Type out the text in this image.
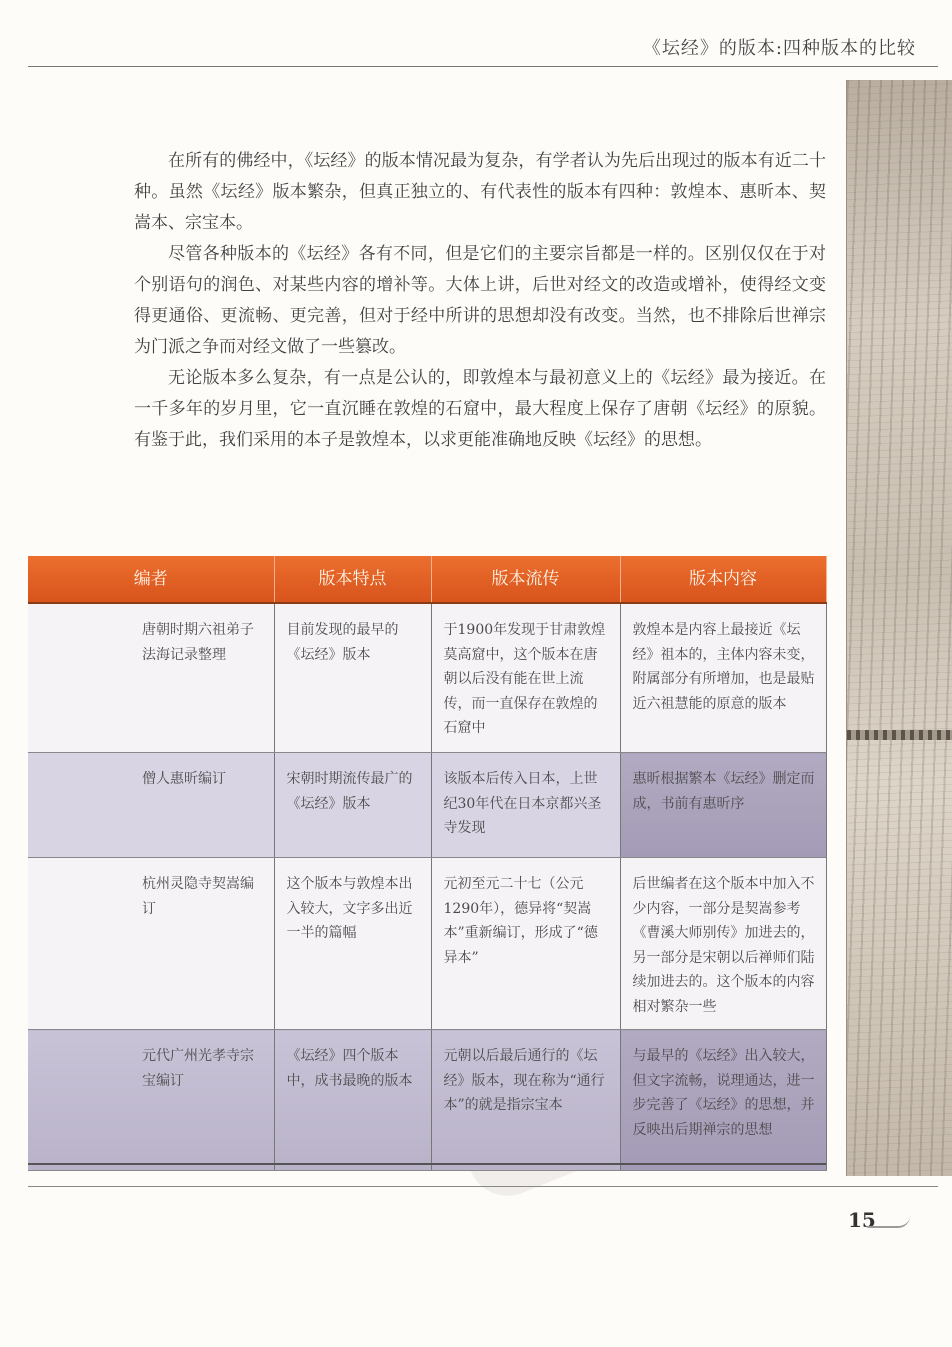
《坛经》的版本:四种版本的比较

在所有的佛经中，《坛经》的版本情况最为复杂，有学者认为先后出现过的版本有近二十种。虽然《坛经》版本繁杂，但真正独立的、有代表性的版本有四种：敦煌本、惠昕本、契嵩本、宗宝本。

尽管各种版本的《坛经》各有不同，但是它们的主要宗旨都是一样的。区别仅仅在于对个别语句的润色、对某些内容的增补等。大体上讲，后世对经文的改造或增补，使得经文变得更通俗、更流畅、更完善，但对于经中所讲的思想却没有改变。当然，也不排除后世禅宗为门派之争而对经文做了一些篡改。

无论版本多么复杂，有一点是公认的，即敦煌本与最初意义上的《坛经》最为接近。在一千多年的岁月里，它一直沉睡在敦煌的石窟中，最大程度上保存了唐朝《坛经》的原貌。有鉴于此，我们采用的本子是敦煌本，以求更能准确地反映《坛经》的思想。

编者	版本特点	版本流传	版本内容
唐朝时期六祖弟子法海记录整理	目前发现的最早的《坛经》版本	于1900年发现于甘肃敦煌莫高窟中，这个版本在唐朝以后没有能在世上流传，而一直保存在敦煌的石窟中	敦煌本是内容上最接近《坛经》祖本的，主体内容未变，附属部分有所增加，也是最贴近六祖慧能的原意的版本
僧人惠昕编订	宋朝时期流传最广的《坛经》版本	该版本后传入日本，上世纪30年代在日本京都兴圣寺发现	惠昕根据繁本《坛经》删定而成，书前有惠昕序
杭州灵隐寺契嵩编订	这个版本与敦煌本出入较大，文字多出近一半的篇幅	元初至元二十七（公元1290年），德异将“契嵩本”重新编订，形成了“德异本”	后世编者在这个版本中加入不少内容，一部分是契嵩参考《曹溪大师别传》加进去的，另一部分是宋朝以后禅师们陆续加进去的。这个版本的内容相对繁杂一些
元代广州光孝寺宗宝编订	《坛经》四个版本中，成书最晚的版本	元朝以后最后通行的《坛经》版本，现在称为“通行本”的就是指宗宝本	与最早的《坛经》出入较大，但文字流畅，说理通达，进一步完善了《坛经》的思想，并反映出后期禅宗的思想
15
